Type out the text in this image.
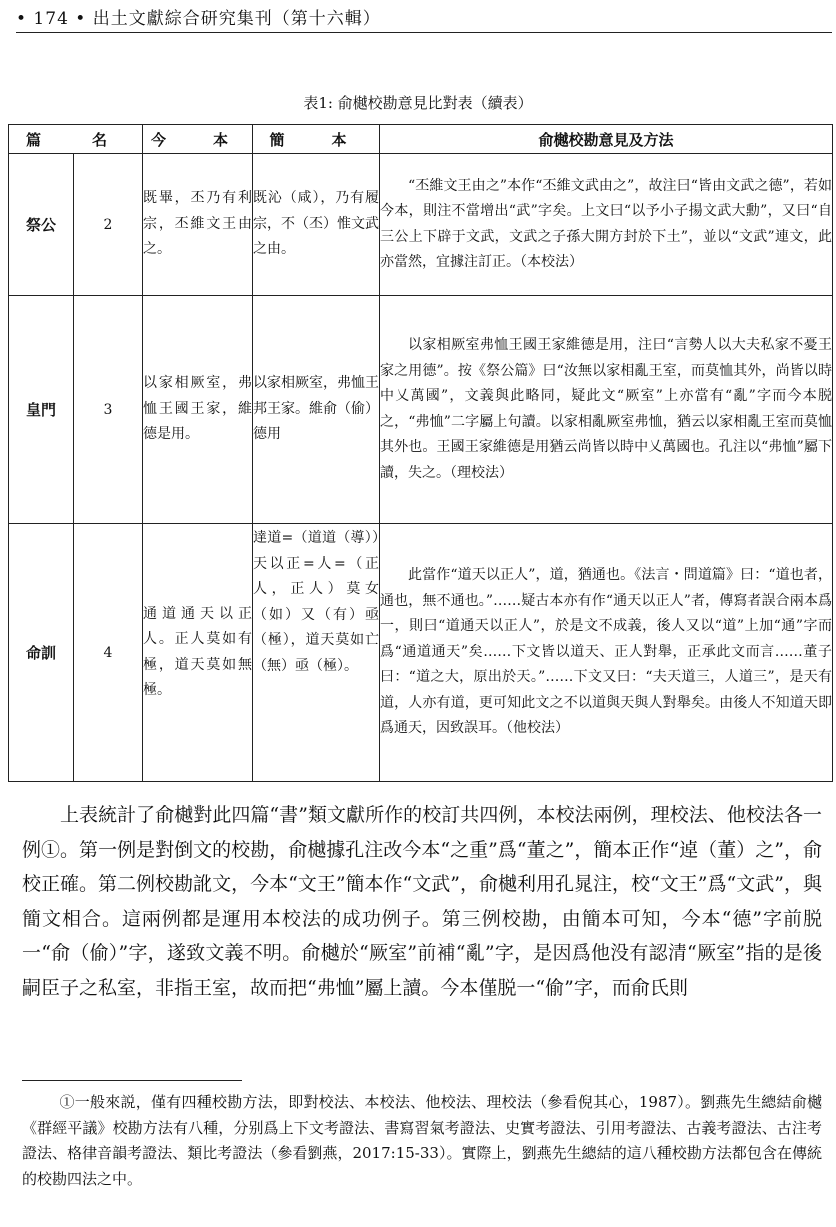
• 174 • 出土文獻綜合研究集刊（第十六輯）
表1: 俞樾校勘意見比對表（續表）
篇　名		今　本	簡　本	俞樾校勘意見及方法
祭公	2	既畢，丕乃有利宗，丕維文王由之。	既沁（咸），乃有履宗，不（丕）惟文武之由。	“丕維文王由之”本作“丕維文武由之”，故注曰“皆由文武之德”，若如今本，則注不當增出“武”字矣。上文曰“以予小子揚文武大勳”，又曰“自三公上下辟于文武，文武之子孫大開方封於下土”，並以“文武”連文，此亦當然，宜據注訂正。（本校法）
皇門	3	以家相厥室，弗恤王國王家，維德是用。	以家相厥室，弗恤王邦王家。維俞（偷）德用	以家相厥室弗恤王國王家維德是用，注曰“言勢人以大夫私家不憂王家之用德”。按《祭公篇》曰“汝無以家相亂王室，而莫恤其外，尚皆以時中乂萬國”，文義與此略同，疑此文“厥室”上亦當有“亂”字而今本脱之，“弗恤”二字屬上句讀。以家相亂厥室弗恤，猶云以家相亂王室而莫恤其外也。王國王家維德是用猶云尚皆以時中乂萬國也。孔注以“弗恤”屬下讀，失之。（理校法）
命訓	4	通道通天以正人。正人莫如有極，道天莫如無極。	達道=（道道（導））天以正=人=（正人，正人）莫女（如）又（有）亟（極），道天莫如亡（無）亟（極）。	此當作“道天以正人”，道，猶通也。《法言・問道篇》曰：“道也者，通也，無不通也。”……疑古本亦有作“通天以正人”者，傳寫者誤合兩本爲一，則曰“道通天以正人”，於是文不成義，後人又以“道”上加“通”字而爲“通道通天”矣……下文皆以道天、正人對舉，正承此文而言……董子曰：“道之大，原出於天。”……下文又曰：“夫天道三，人道三”，是天有道，人亦有道，更可知此文之不以道與天與人對舉矣。由後人不知道天即爲通天，因致誤耳。（他校法）
上表統計了俞樾對此四篇“書”類文獻所作的校訂共四例，本校法兩例，理校法、他校法各一例①。第一例是對倒文的校勘，俞樾據孔注改今本“之重”爲“董之”，簡本正作“逴（董）之”，俞校正確。第二例校勘訛文，今本“文王”簡本作“文武”，俞樾利用孔晁注，校“文王”爲“文武”，與簡文相合。這兩例都是運用本校法的成功例子。第三例校勘，由簡本可知，今本“德”字前脱一“俞（偷）”字，遂致文義不明。俞樾於“厥室”前補“亂”字，是因爲他没有認清“厥室”指的是後嗣臣子之私室，非指王室，故而把“弗恤”屬上讀。今本僅脱一“偷”字，而俞氏則
①一般來説，僅有四種校勘方法，即對校法、本校法、他校法、理校法（參看倪其心，1987）。劉燕先生總結俞樾《群經平議》校勘方法有八種，分别爲上下文考證法、書寫習氣考證法、史實考證法、引用考證法、古義考證法、古注考證法、格律音韻考證法、類比考證法（參看劉燕，2017:15-33）。實際上，劉燕先生總結的這八種校勘方法都包含在傳統的校勘四法之中。
